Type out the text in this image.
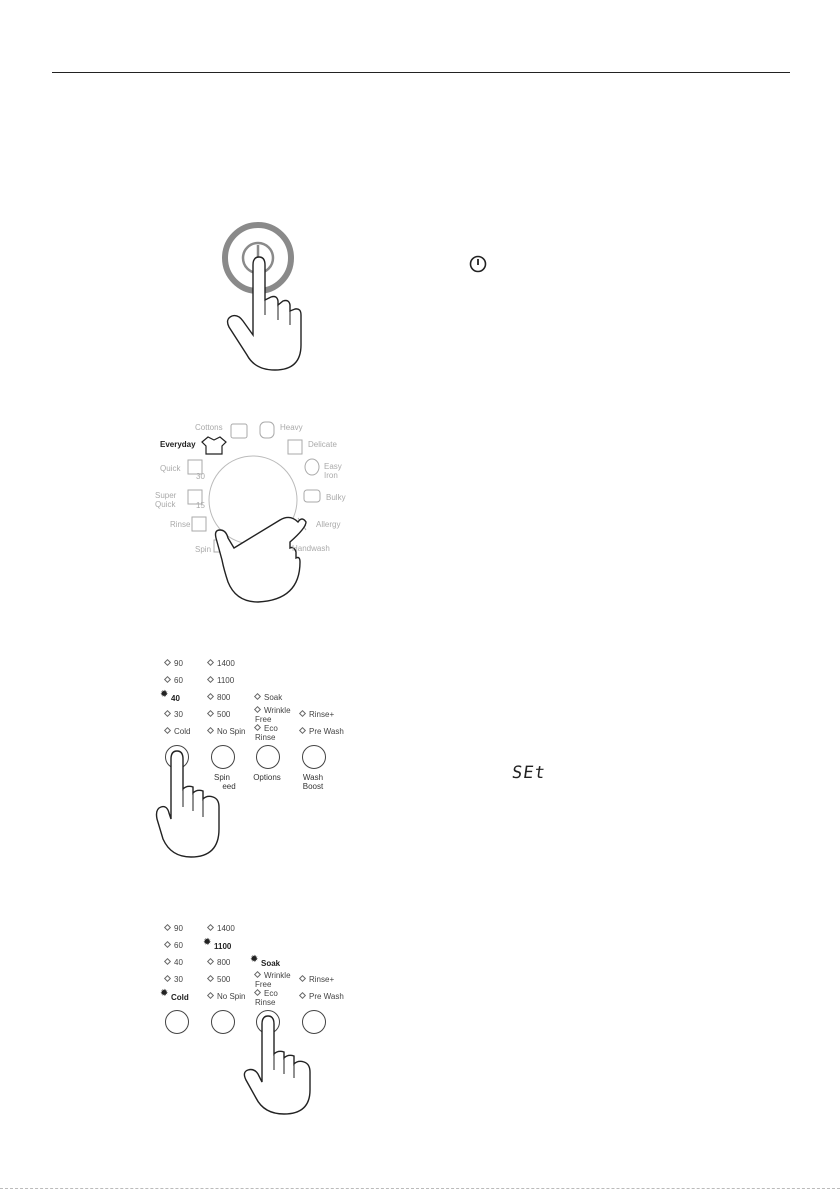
Cottons	Heavy
Everyday	Delicate
Quick
30
Easy
Iron
Bulky
Super
Quick	15
Allergy
Rinse
Handwash
Spin
90
60
✹40
30
Cold
1400
1100
800
500
No Spin
Soak
Wrinkle Free
Eco Rinse
Rinse+
Pre Wash
Spin
eed
Options	Wash
Boost
SEt
90
60
40
30
✹Cold
1400
✹1100
800
500
No Spin
✹Soak
Wrinkle Free
Eco Rinse
Rinse+
Pre Wash
